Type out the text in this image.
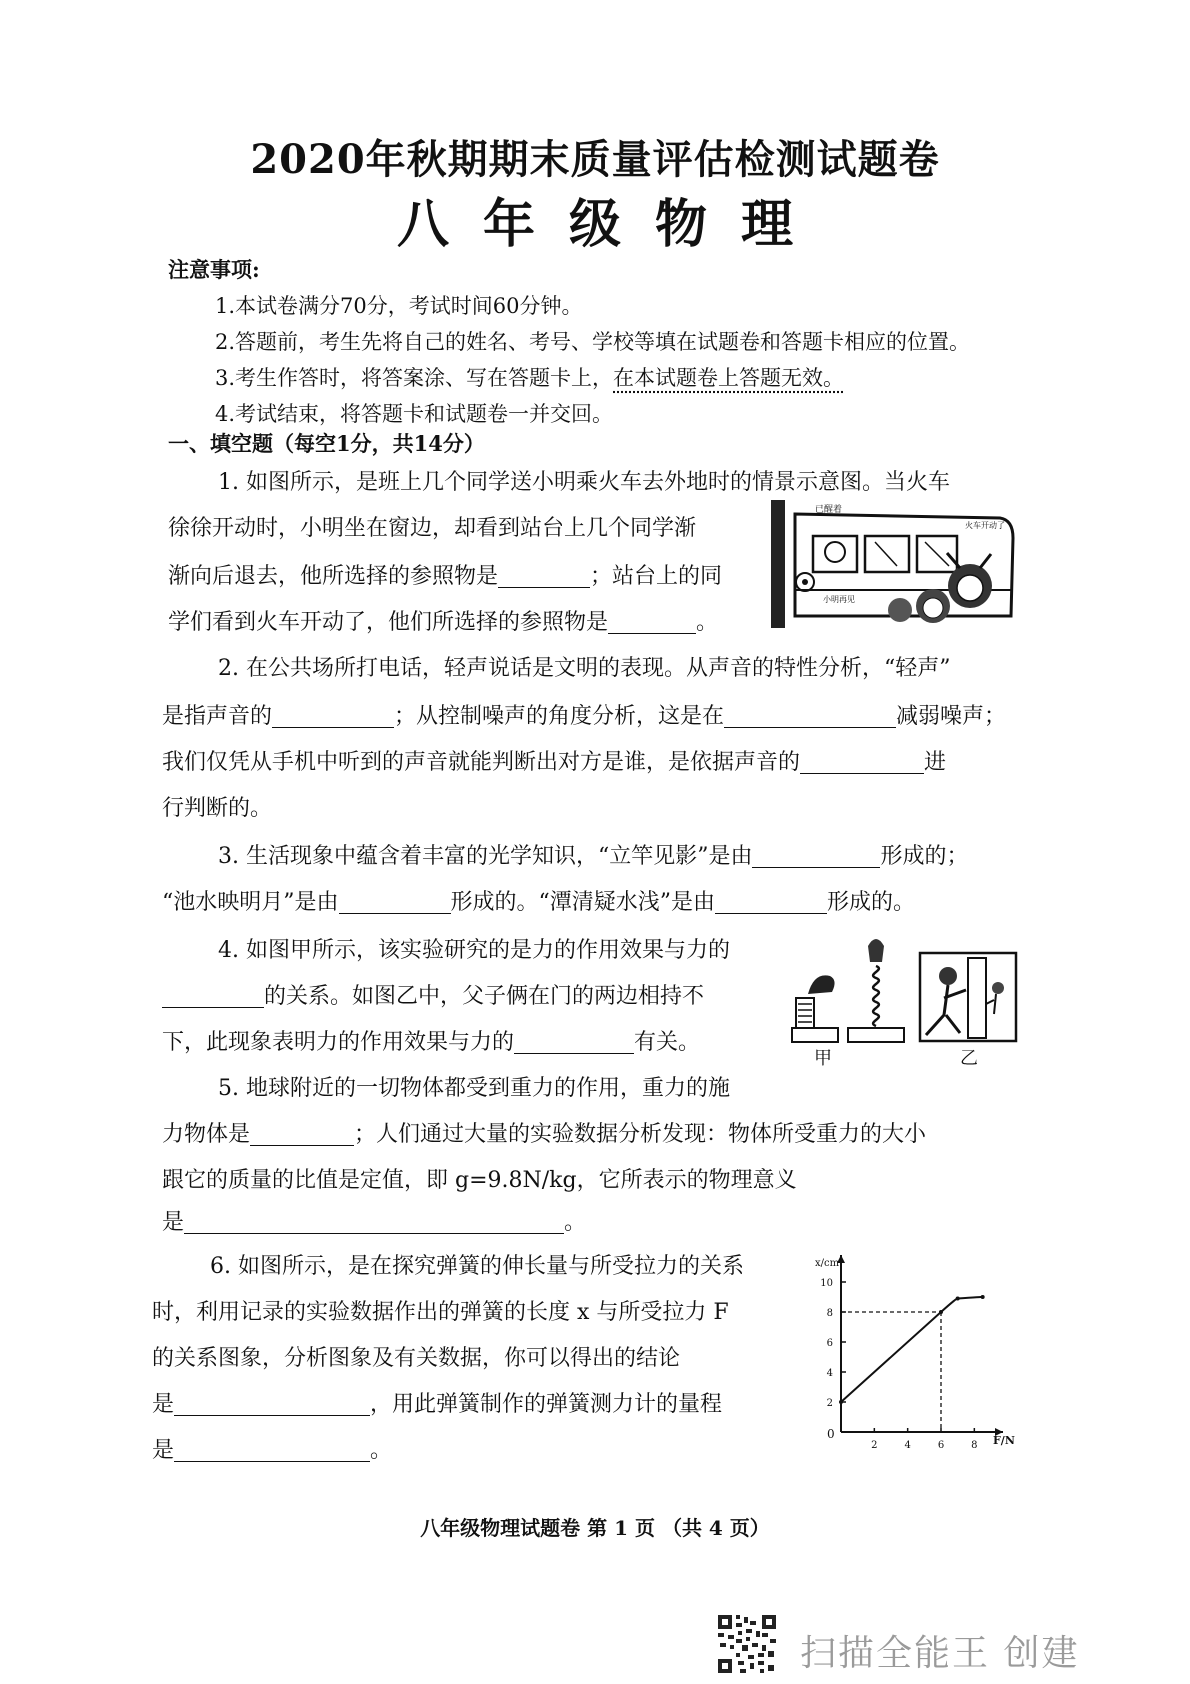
2020年秋期期末质量评估检测试题卷
八年级物理
注意事项:
1.本试卷满分70分，考试时间60分钟。
2.答题前，考生先将自己的姓名、考号、学校等填在试题卷和答题卡相应的位置。
3.考生作答时，将答案涂、写在答题卡上，在本试题卷上答题无效。
4.考试结束，将答题卡和试题卷一并交回。
一、填空题（每空1分，共14分）
1. 如图所示，是班上几个同学送小明乘火车去外地时的情景示意图。当火车
徐徐开动时，小明坐在窗边，却看到站台上几个同学渐
渐向后退去，他所选择的参照物是	；站台上的同
学们看到火车开动了，他们所选择的参照物是	。
已醒着
火车开动了
小明再见
2. 在公共场所打电话，轻声说话是文明的表现。从声音的特性分析，“轻声”
是指声音的	；从控制噪声的角度分析，这是在	减弱噪声；
我们仅凭从手机中听到的声音就能判断出对方是谁，是依据声音的	进
行判断的。
3. 生活现象中蕴含着丰富的光学知识，“立竿见影”是由	形成的；
“池水映明月”是由	形成的。“潭清疑水浅”是由	形成的。
4. 如图甲所示，该实验研究的是力的作用效果与力的
的关系。如图乙中，父子俩在门的两边相持不
下，此现象表明力的作用效果与力的	有关。
甲	乙
5. 地球附近的一切物体都受到重力的作用，重力的施
力物体是	；人们通过大量的实验数据分析发现：物体所受重力的大小
跟它的质量的比值是定值，即 g=9.8N/kg，它所表示的物理意义
是	。
6. 如图所示，是在探究弹簧的伸长量与所受拉力的关系
时，利用记录的实验数据作出的弹簧的长度 x 与所受拉力 F
的关系图象，分析图象及有关数据，你可以得出的结论
是	，用此弹簧制作的弹簧测力计的量程
是	。	2	4	6	8
2
4
6
8
10
0	F/N
x/cm
八年级物理试题卷 第 1 页 （共 4 页）
扫描全能王 创建
